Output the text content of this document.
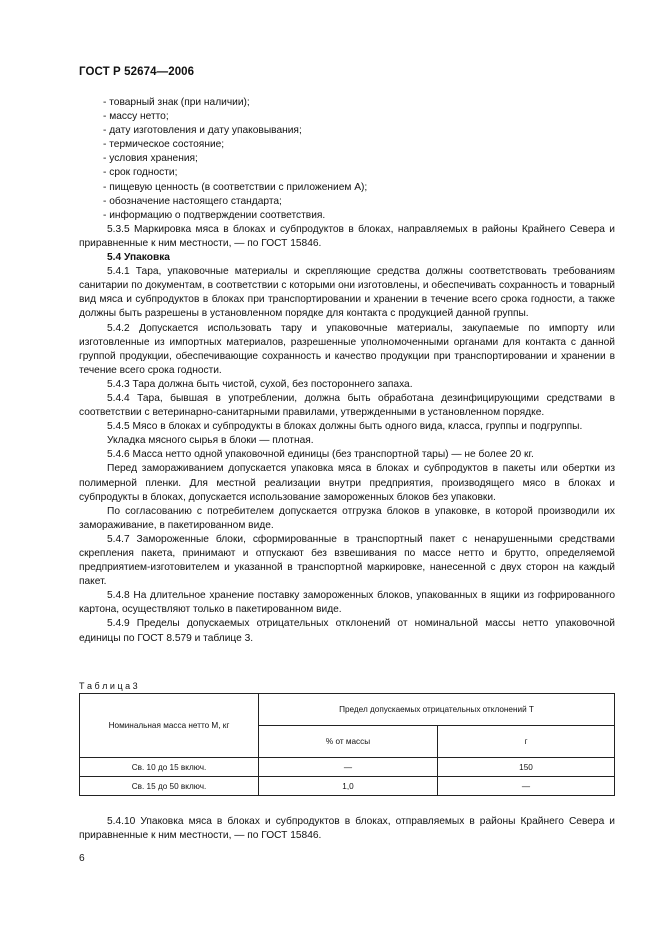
ГОСТ Р 52674—2006
- товарный знак (при наличии);
- массу нетто;
- дату изготовления и дату упаковывания;
- термическое состояние;
- условия хранения;
- срок годности;
- пищевую ценность (в соответствии с приложением А);
- обозначение настоящего стандарта;
- информацию о подтверждении соответствия.
5.3.5 Маркировка мяса в блоках и субпродуктов в блоках, направляемых в районы Крайнего Севера и приравненные к ним местности, — по ГОСТ 15846.
5.4 Упаковка
5.4.1 Тара, упаковочные материалы и скрепляющие средства должны соответствовать требованиям санитарии по документам, в соответствии с которыми они изготовлены, и обеспечивать сохранность и товарный вид мяса и субпродуктов в блоках при транспортировании и хранении в течение всего срока годности, а также должны быть разрешены в установленном порядке для контакта с продукцией данной группы.
5.4.2 Допускается использовать тару и упаковочные материалы, закупаемые по импорту или изготовленные из импортных материалов, разрешенные уполномоченными органами для контакта с данной группой продукции, обеспечивающие сохранность и качество продукции при транспортировании и хранении в течение всего срока годности.
5.4.3 Тара должна быть чистой, сухой, без постороннего запаха.
5.4.4 Тара, бывшая в употреблении, должна быть обработана дезинфицирующими средствами в соответствии с ветеринарно-санитарными правилами, утвержденными в установленном порядке.
5.4.5 Мясо в блоках и субпродукты в блоках должны быть одного вида, класса, группы и подгруппы.
Укладка мясного сырья в блоки — плотная.
5.4.6 Масса нетто одной упаковочной единицы (без транспортной тары) — не более 20 кг.
Перед замораживанием допускается упаковка мяса в блоках и субпродуктов в пакеты или обертки из полимерной пленки. Для местной реализации внутри предприятия, производящего мясо в блоках и субпродукты в блоках, допускается использование замороженных блоков без упаковки.
По согласованию с потребителем допускается отгрузка блоков в упаковке, в которой производили их замораживание, в пакетированном виде.
5.4.7 Замороженные блоки, сформированные в транспортный пакет с ненарушенными средствами скрепления пакета, принимают и отпускают без взвешивания по массе нетто и брутто, определяемой предприятием-изготовителем и указанной в транспортной маркировке, нанесенной с двух сторон на каждый пакет.
5.4.8 На длительное хранение поставку замороженных блоков, упакованных в ящики из гофрированного картона, осуществляют только в пакетированном виде.
5.4.9 Пределы допускаемых отрицательных отклонений от номинальной массы нетто упаковочной единицы по ГОСТ 8.579 и таблице 3.
Т а б л и ц а 3
Номинальная масса нетто M, кг	Предел допускаемых отрицательных отклонений T	
	% от массы	г
Св. 10 до 15 включ.	—	150
Св. 15 до 50 включ.	1,0	—
5.4.10 Упаковка мяса в блоках и субпродуктов в блоках, отправляемых в районы Крайнего Севера и приравненные к ним местности, — по ГОСТ 15846.
6
